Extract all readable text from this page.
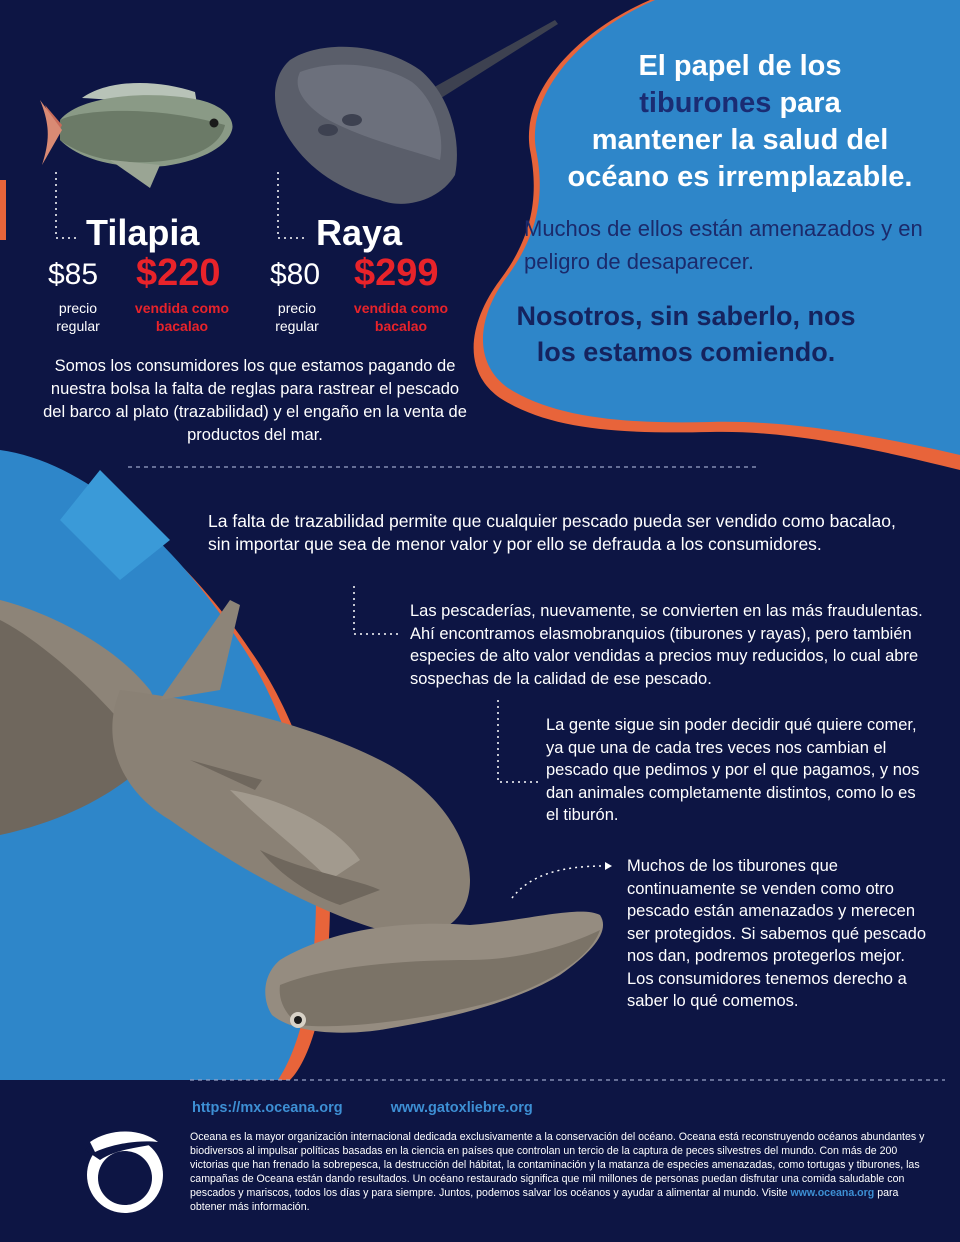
El papel de los
tiburones para
mantener la salud del
océano es irremplazable.
Muchos de ellos están amenazados y en peligro de desaparecer.
Nosotros, sin saberlo, nos los estamos comiendo.
Tilapia
$85 $220
precio regular
vendida como bacalao
Raya
$80 $299
precio regular
vendida como bacalao
Somos los consumidores los que estamos pagando de nuestra bolsa la falta de reglas para rastrear el pescado del barco al plato (trazabilidad) y el engaño en la venta de productos del mar.
La falta de trazabilidad permite que cualquier pescado pueda ser vendido como bacalao, sin importar que sea de menor valor y por ello se defrauda a los consumidores.
Las pescaderías, nuevamente, se convierten en las más fraudulentas. Ahí encontramos elasmobranquios (tiburones y rayas), pero también especies de alto valor vendidas a precios muy reducidos, lo cual abre sospechas de la calidad de ese pescado.
La gente sigue sin poder decidir qué quiere comer, ya que una de cada tres veces nos cambian el pescado que pedimos y por el que pagamos, y nos dan animales completamente distintos, como lo es el tiburón.
Muchos de los tiburones que continuamente se venden como otro pescado están amenazados y merecen ser protegidos. Si sabemos qué pescado nos dan, podremos protegerlos mejor. Los consumidores tenemos derecho a saber lo qué comemos.
https://mx.oceana.org	www.gatoxliebre.org
Oceana es la mayor organización internacional dedicada exclusivamente a la conservación del océano. Oceana está reconstruyendo océanos abundantes y biodiversos al impulsar políticas basadas en la ciencia en países que controlan un tercio de la captura de peces silvestres del mundo. Con más de 200 victorias que han frenado la sobrepesca, la destrucción del hábitat, la contaminación y la matanza de especies amenazadas, como tortugas y tiburones, las campañas de Oceana están dando resultados. Un océano restaurado significa que mil millones de personas puedan disfrutar una comida saludable con pescados y mariscos, todos los días y para siempre. Juntos, podemos salvar los océanos y ayudar a alimentar al mundo. Visite www.oceana.org para obtener más información.
